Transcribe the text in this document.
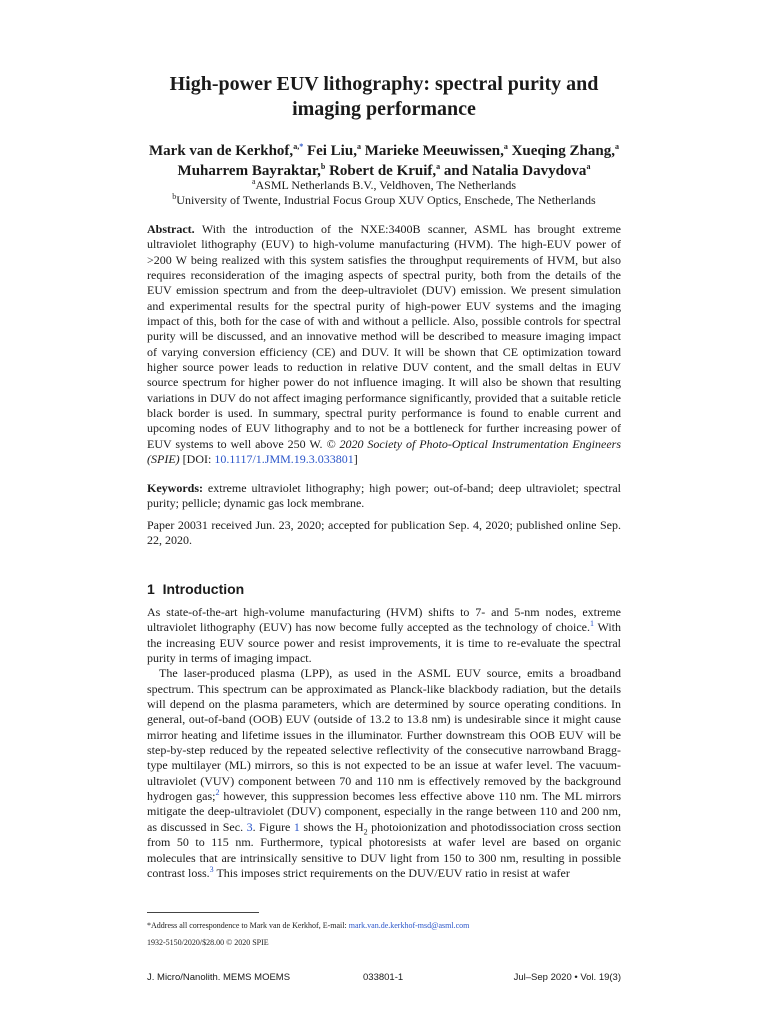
High-power EUV lithography: spectral purity and
imaging performance
Mark van de Kerkhof,$^{a,*}$ Fei Liu,$^a$ Marieke Meeuwissen,$^a$ Xueqing Zhang,$^a$
Muharrem Bayraktar,$^b$ Robert de Kruif,$^a$ and Natalia Davydova$^a$
$^a$ASML Netherlands B.V., Veldhoven, The Netherlands
$^b$University of Twente, Industrial Focus Group XUV Optics, Enschede, The Netherlands
Abstract. With the introduction of the NXE:3400B scanner, ASML has brought extreme ultraviolet lithography (EUV) to high-volume manufacturing (HVM). The high-EUV power of >200 W being realized with this system satisfies the throughput requirements of HVM, but also requires reconsideration of the imaging aspects of spectral purity, both from the details of the EUV emission spectrum and from the deep-ultraviolet (DUV) emission. We present simulation and experimental results for the spectral purity of high-power EUV systems and the imaging impact of this, both for the case of with and without a pellicle. Also, possible controls for spectral purity will be discussed, and an innovative method will be described to measure imaging impact of varying conversion efficiency (CE) and DUV. It will be shown that CE optimization toward higher source power leads to reduction in relative DUV content, and the small deltas in EUV source spectrum for higher power do not influence imaging. It will also be shown that resulting variations in DUV do not affect imaging performance significantly, provided that a suitable reticle black border is used. In summary, spectral purity performance is found to enable current and upcoming nodes of EUV lithography and to not be a bottleneck for further increasing power of EUV systems to well above 250 W. © 2020 Society of Photo-Optical Instrumentation Engineers (SPIE) [DOI: 10.1117/1.JMM.19.3.033801]
Keywords: extreme ultraviolet lithography; high power; out-of-band; deep ultraviolet; spectral purity; pellicle; dynamic gas lock membrane.
Paper 20031 received Jun. 23, 2020; accepted for publication Sep. 4, 2020; published online Sep. 22, 2020.
1 Introduction
As state-of-the-art high-volume manufacturing (HVM) shifts to 7- and 5-nm nodes, extreme ultraviolet lithography (EUV) has now become fully accepted as the technology of choice.$^1$ With the increasing EUV source power and resist improvements, it is time to re-evaluate the spectral purity in terms of imaging impact.
The laser-produced plasma (LPP), as used in the ASML EUV source, emits a broadband spectrum. This spectrum can be approximated as Planck-like blackbody radiation, but the details will depend on the plasma parameters, which are determined by source operating conditions. In general, out-of-band (OOB) EUV (outside of 13.2 to 13.8 nm) is undesirable since it might cause mirror heating and lifetime issues in the illuminator. Further downstream this OOB EUV will be step-by-step reduced by the repeated selective reflectivity of the consecutive narrowband Bragg-type multilayer (ML) mirrors, so this is not expected to be an issue at wafer level. The vacuum-ultraviolet (VUV) component between 70 and 110 nm is effectively removed by the background hydrogen gas;$^2$ however, this suppression becomes less effective above 110 nm. The ML mirrors mitigate the deep-ultraviolet (DUV) component, especially in the range between 110 and 200 nm, as discussed in Sec. 3. Figure 1 shows the $H_2$ photoionization and photodissociation cross section from 50 to 115 nm. Furthermore, typical photoresists at wafer level are based on organic molecules that are intrinsically sensitive to DUV light from 150 to 300 nm, resulting in possible contrast loss.$^3$ This imposes strict requirements on the DUV/EUV ratio in resist at wafer
*Address all correspondence to Mark van de Kerkhof, E-mail: mark.van.de.kerkhof-msd@asml.com
1932-5150/2020/$28.00 © 2020 SPIE
J. Micro/Nanolith. MEMS MOEMS	033801-1	Jul–Sep 2020 • Vol. 19(3)
